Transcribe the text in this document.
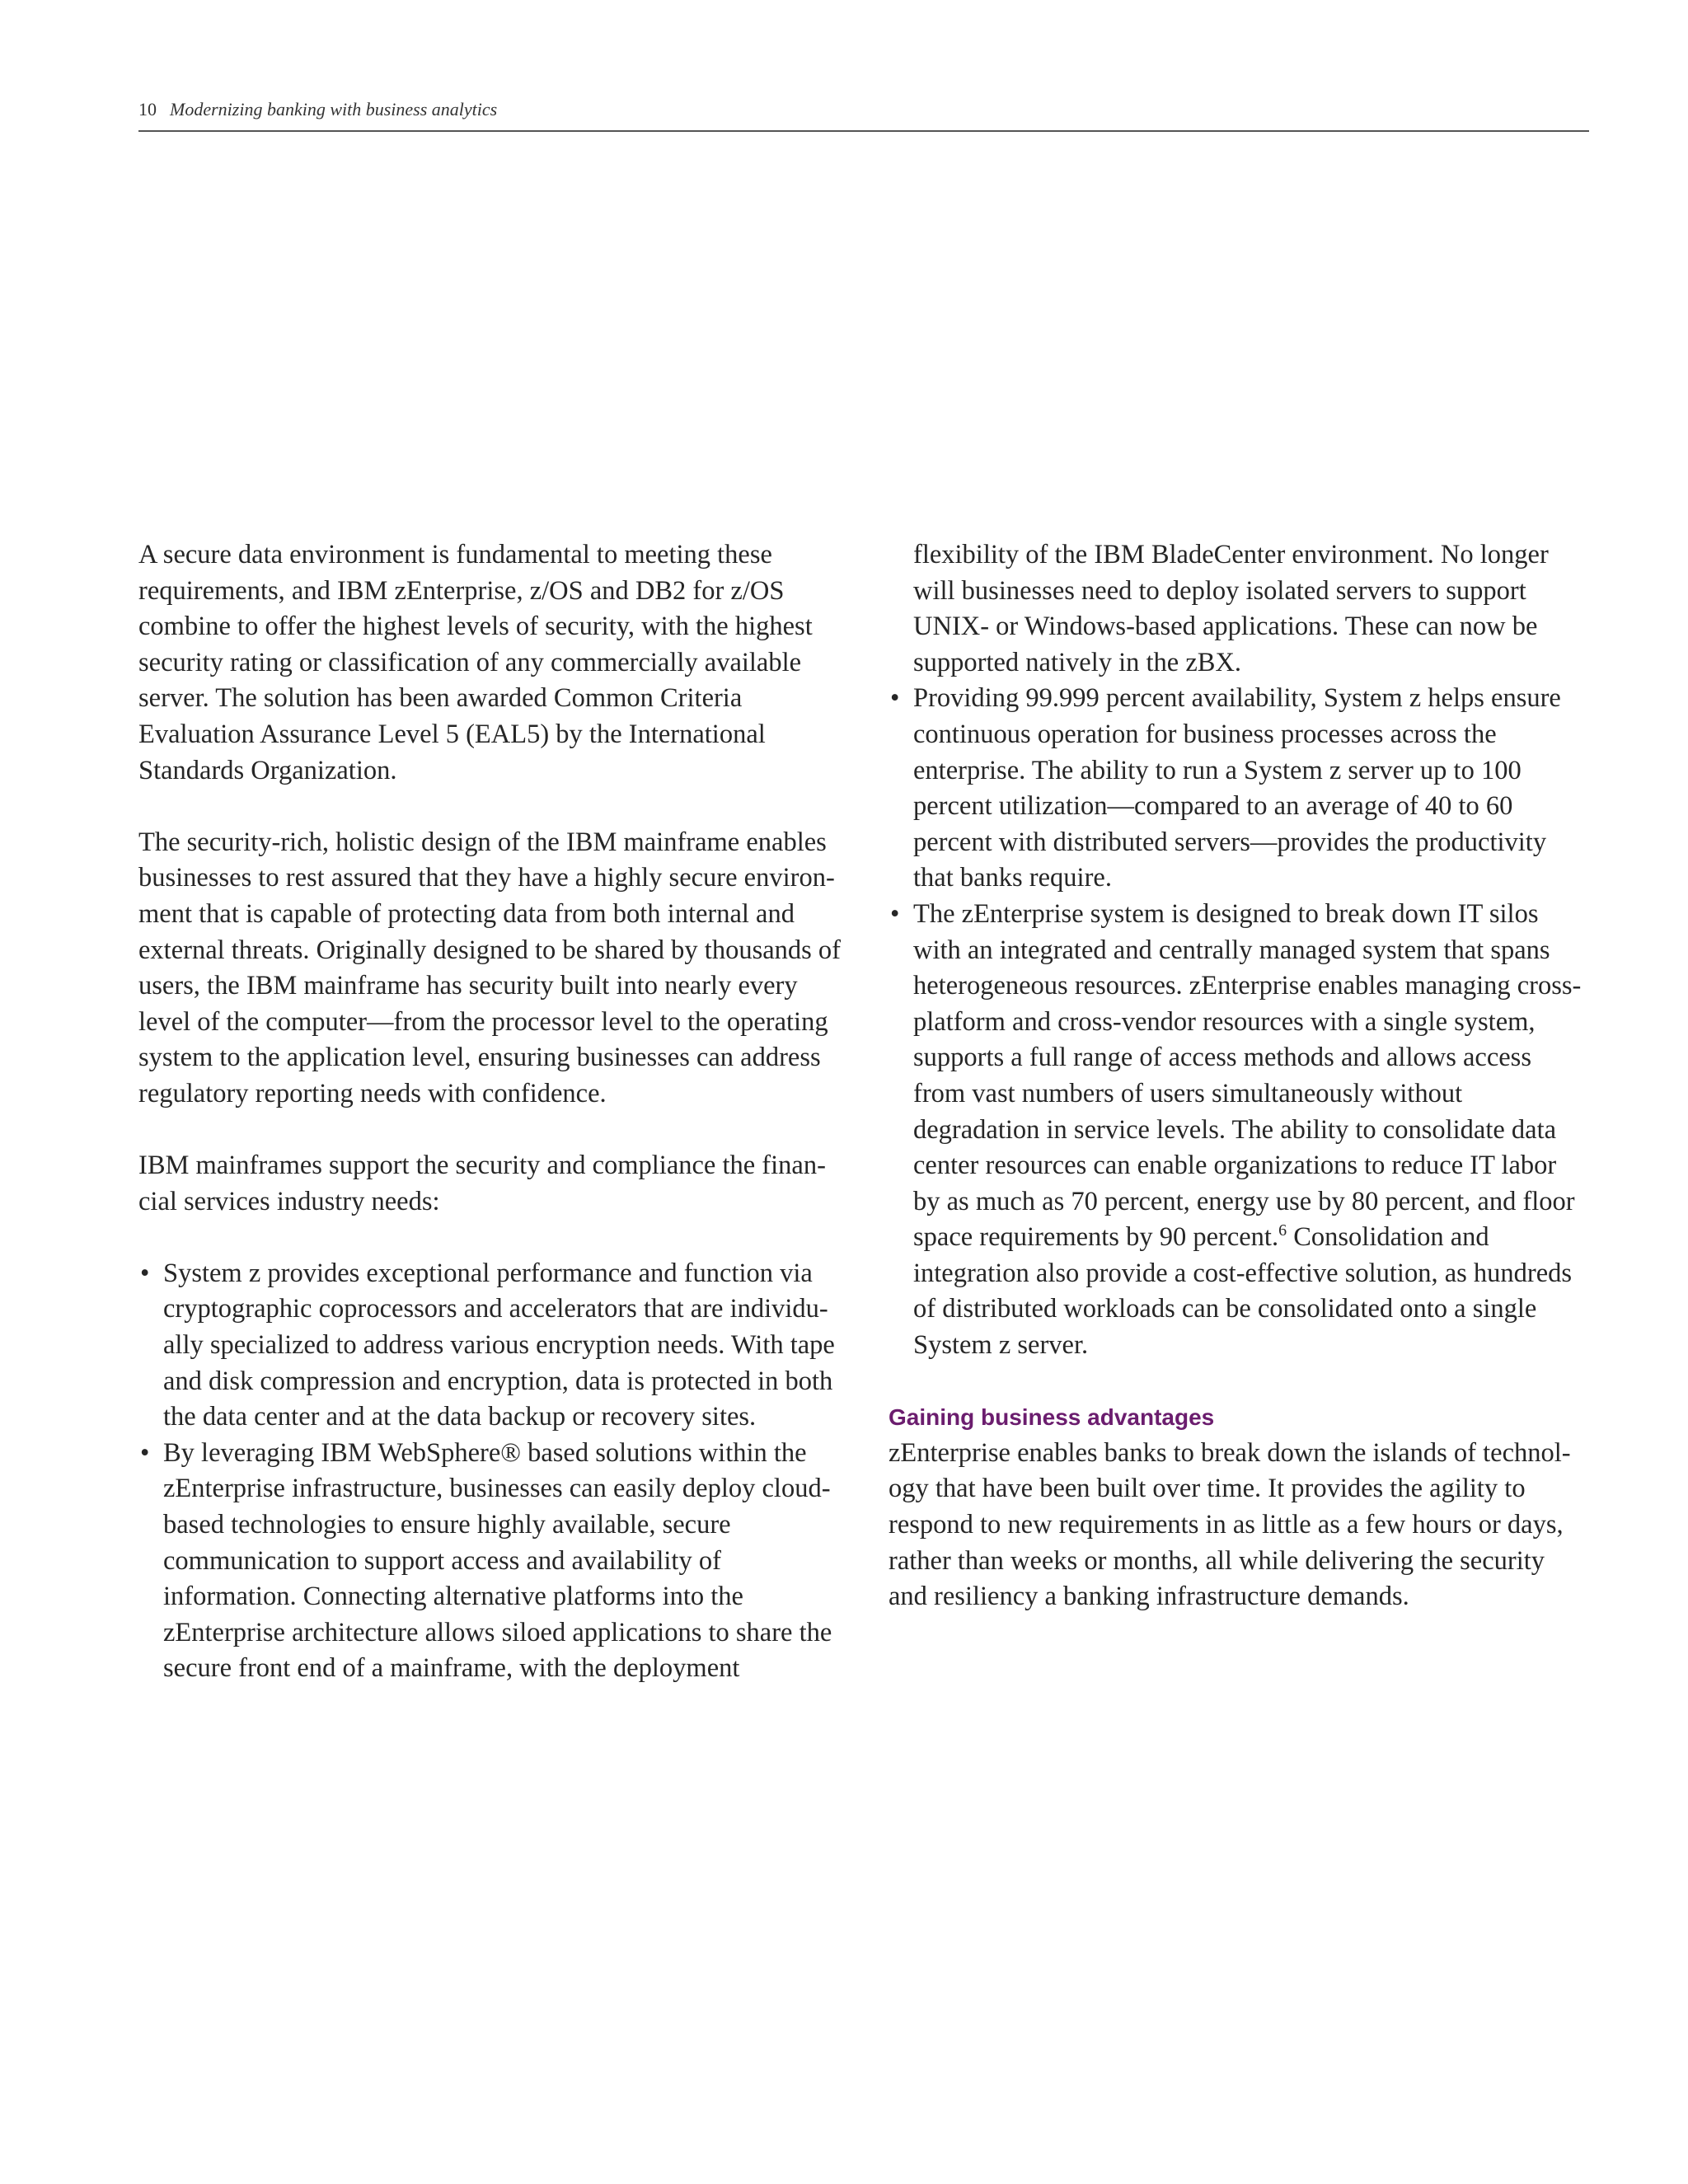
10 Modernizing banking with business analytics

A secure data environment is fundamental to meeting these requirements, and IBM zEnterprise, z/OS and DB2 for z/OS combine to offer the highest levels of security, with the highest security rating or classification of any commercially available server. The solution has been awarded Common Criteria Evaluation Assurance Level 5 (EAL5) by the International Standards Organization.

The security-rich, holistic design of the IBM mainframe enables businesses to rest assured that they have a highly secure environment that is capable of protecting data from both internal and external threats. Originally designed to be shared by thousands of users, the IBM mainframe has security built into nearly every level of the computer—from the processor level to the operating system to the application level, ensuring businesses can address regulatory reporting needs with confidence.

IBM mainframes support the security and compliance the financial services industry needs:

• System z provides exceptional performance and function via cryptographic coprocessors and accelerators that are individually specialized to address various encryption needs. With tape and disk compression and encryption, data is protected in both the data center and at the data backup or recovery sites.
• By leveraging IBM WebSphere® based solutions within the zEnterprise infrastructure, businesses can easily deploy cloud-based technologies to ensure highly available, secure communication to support access and availability of information. Connecting alternative platforms into the zEnterprise architecture allows siloed applications to share the secure front end of a mainframe, with the deployment

flexibility of the IBM BladeCenter environment. No longer will businesses need to deploy isolated servers to support UNIX- or Windows-based applications. These can now be supported natively in the zBX.

• Providing 99.999 percent availability, System z helps ensure continuous operation for business processes across the enterprise. The ability to run a System z server up to 100 percent utilization—compared to an average of 40 to 60 percent with distributed servers—provides the productivity that banks require.
• The zEnterprise system is designed to break down IT silos with an integrated and centrally managed system that spans heterogeneous resources. zEnterprise enables managing cross-platform and cross-vendor resources with a single system, supports a full range of access methods and allows access from vast numbers of users simultaneously without degradation in service levels. The ability to consolidate data center resources can enable organizations to reduce IT labor by as much as 70 percent, energy use by 80 percent, and floor space requirements by 90 percent.$^6$ Consolidation and integration also provide a cost-effective solution, as hundreds of distributed workloads can be consolidated onto a single System z server.
Gaining business advantages

zEnterprise enables banks to break down the islands of technology that have been built over time. It provides the agility to respond to new requirements in as little as a few hours or days, rather than weeks or months, all while delivering the security and resiliency a banking infrastructure demands.
